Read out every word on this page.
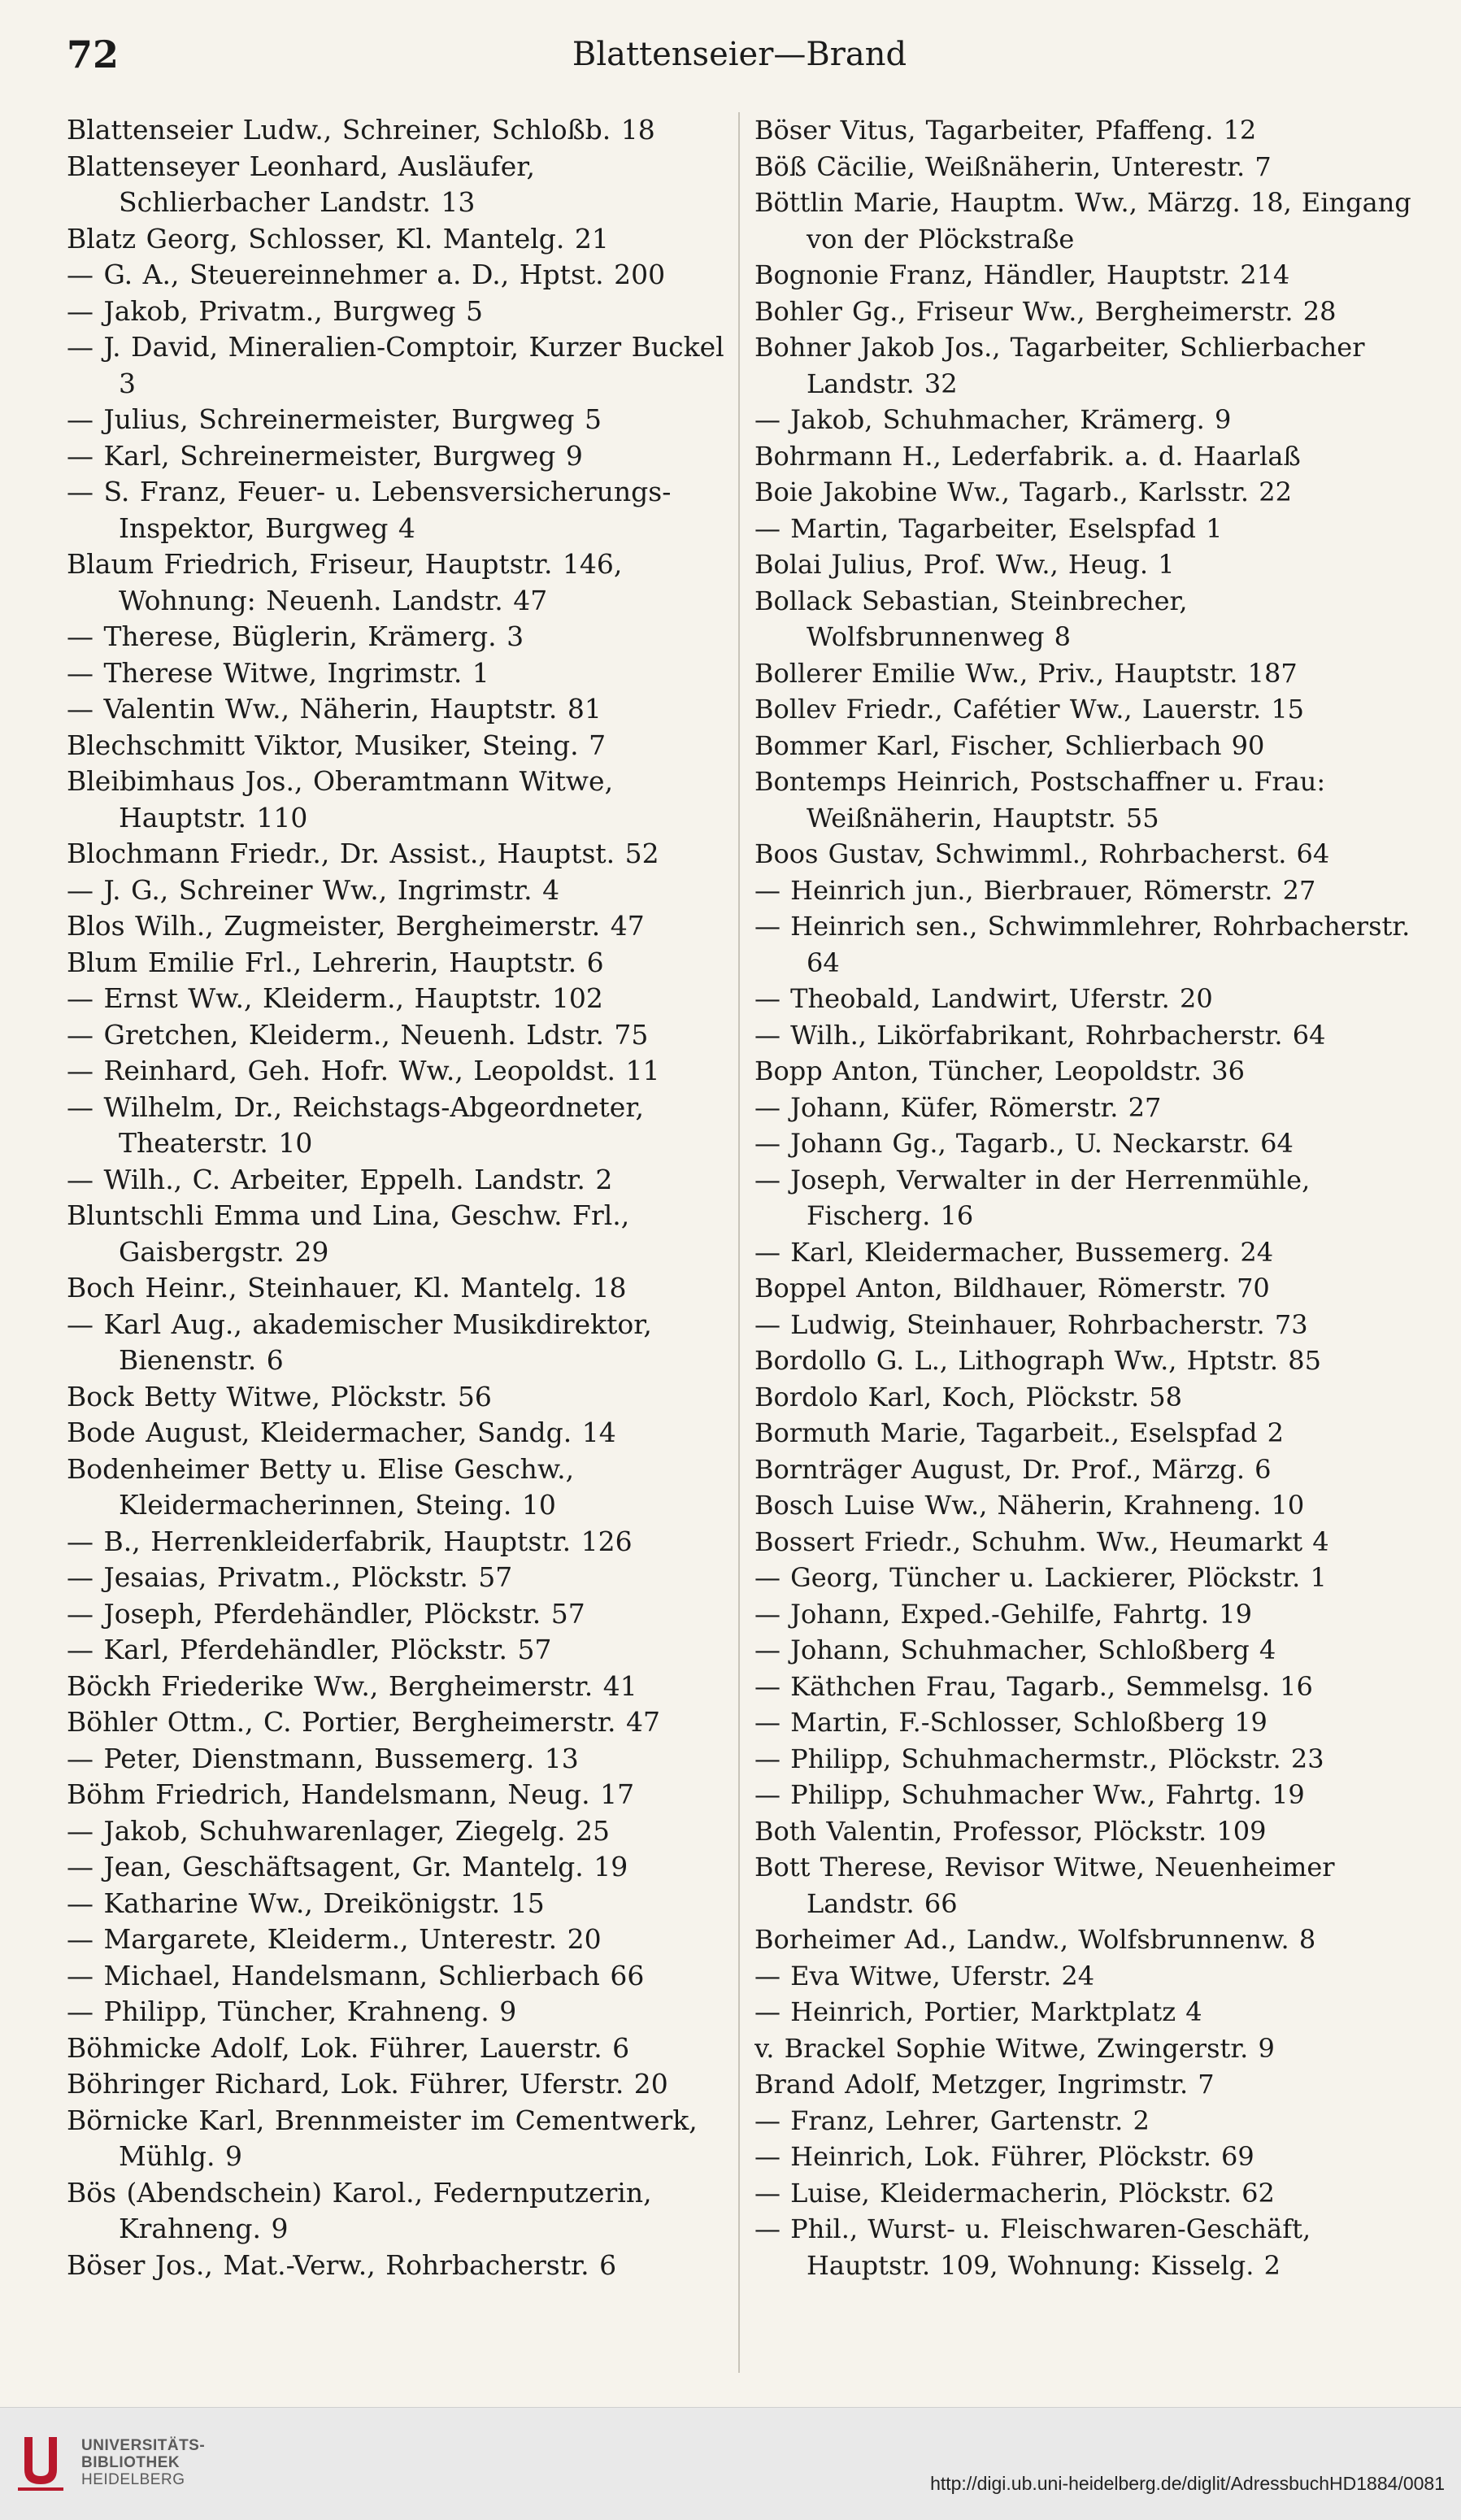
72	Blattenseier—Brand
Blattenseier Ludw., Schreiner, Schloßb. 18
Blattenseyer Leonhard, Ausläufer, Schlierbacher Landstr. 13
Blatz Georg, Schlosser, Kl. Mantelg. 21
— G. A., Steuereinnehmer a. D., Hptst. 200
— Jakob, Privatm., Burgweg 5
— J. David, Mineralien-Comptoir, Kurzer Buckel 3
— Julius, Schreinermeister, Burgweg 5
— Karl, Schreinermeister, Burgweg 9
— S. Franz, Feuer- u. Lebensversicherungs-Inspektor, Burgweg 4
Blaum Friedrich, Friseur, Hauptstr. 146, Wohnung: Neuenh. Landstr. 47
— Therese, Büglerin, Krämerg. 3
— Therese Witwe, Ingrimstr. 1
— Valentin Ww., Näherin, Hauptstr. 81
Blechschmitt Viktor, Musiker, Steing. 7
Bleibimhaus Jos., Oberamtmann Witwe, Hauptstr. 110
Blochmann Friedr., Dr. Assist., Hauptst. 52
— J. G., Schreiner Ww., Ingrimstr. 4
Blos Wilh., Zugmeister, Bergheimerstr. 47
Blum Emilie Frl., Lehrerin, Hauptstr. 6
— Ernst Ww., Kleiderm., Hauptstr. 102
— Gretchen, Kleiderm., Neuenh. Ldstr. 75
— Reinhard, Geh. Hofr. Ww., Leopoldst. 11
— Wilhelm, Dr., Reichstags-Abgeordneter, Theaterstr. 10
— Wilh., C. Arbeiter, Eppelh. Landstr. 2
Bluntschli Emma und Lina, Geschw. Frl., Gaisbergstr. 29
Boch Heinr., Steinhauer, Kl. Mantelg. 18
— Karl Aug., akademischer Musikdirektor, Bienenstr. 6
Bock Betty Witwe, Plöckstr. 56
Bode August, Kleidermacher, Sandg. 14
Bodenheimer Betty u. Elise Geschw., Kleidermacherinnen, Steing. 10
— B., Herrenkleiderfabrik, Hauptstr. 126
— Jesaias, Privatm., Plöckstr. 57
— Joseph, Pferdehändler, Plöckstr. 57
— Karl, Pferdehändler, Plöckstr. 57
Böckh Friederike Ww., Bergheimerstr. 41
Böhler Ottm., C. Portier, Bergheimerstr. 47
— Peter, Dienstmann, Bussemerg. 13
Böhm Friedrich, Handelsmann, Neug. 17
— Jakob, Schuhwarenlager, Ziegelg. 25
— Jean, Geschäftsagent, Gr. Mantelg. 19
— Katharine Ww., Dreikönigstr. 15
— Margarete, Kleiderm., Unterestr. 20
— Michael, Handelsmann, Schlierbach 66
— Philipp, Tüncher, Krahneng. 9
Böhmicke Adolf, Lok. Führer, Lauerstr. 6
Böhringer Richard, Lok. Führer, Uferstr. 20
Börnicke Karl, Brennmeister im Cementwerk, Mühlg. 9
Bös (Abendschein) Karol., Federnputzerin, Krahneng. 9
Böser Jos., Mat.-Verw., Rohrbacherstr. 6
Böser Vitus, Tagarbeiter, Pfaffeng. 12
Böß Cäcilie, Weißnäherin, Unterestr. 7
Böttlin Marie, Hauptm. Ww., Märzg. 18, Eingang von der Plöckstraße
Bognonie Franz, Händler, Hauptstr. 214
Bohler Gg., Friseur Ww., Bergheimerstr. 28
Bohner Jakob Jos., Tagarbeiter, Schlierbacher Landstr. 32
— Jakob, Schuhmacher, Krämerg. 9
Bohrmann H., Lederfabrik. a. d. Haarlaß
Boie Jakobine Ww., Tagarb., Karlsstr. 22
— Martin, Tagarbeiter, Eselspfad 1
Bolai Julius, Prof. Ww., Heug. 1
Bollack Sebastian, Steinbrecher, Wolfsbrunnenweg 8
Bollerer Emilie Ww., Priv., Hauptstr. 187
Bollev Friedr., Cafétier Ww., Lauerstr. 15
Bommer Karl, Fischer, Schlierbach 90
Bontemps Heinrich, Postschaffner u. Frau: Weißnäherin, Hauptstr. 55
Boos Gustav, Schwimml., Rohrbacherst. 64
— Heinrich jun., Bierbrauer, Römerstr. 27
— Heinrich sen., Schwimmlehrer, Rohrbacherstr. 64
— Theobald, Landwirt, Uferstr. 20
— Wilh., Likörfabrikant, Rohrbacherstr. 64
Bopp Anton, Tüncher, Leopoldstr. 36
— Johann, Küfer, Römerstr. 27
— Johann Gg., Tagarb., U. Neckarstr. 64
— Joseph, Verwalter in der Herrenmühle, Fischerg. 16
— Karl, Kleidermacher, Bussemerg. 24
Boppel Anton, Bildhauer, Römerstr. 70
— Ludwig, Steinhauer, Rohrbacherstr. 73
Bordollo G. L., Lithograph Ww., Hptstr. 85
Bordolo Karl, Koch, Plöckstr. 58
Bormuth Marie, Tagarbeit., Eselspfad 2
Bornträger August, Dr. Prof., Märzg. 6
Bosch Luise Ww., Näherin, Krahneng. 10
Bossert Friedr., Schuhm. Ww., Heumarkt 4
— Georg, Tüncher u. Lackierer, Plöckstr. 1
— Johann, Exped.-Gehilfe, Fahrtg. 19
— Johann, Schuhmacher, Schloßberg 4
— Käthchen Frau, Tagarb., Semmelsg. 16
— Martin, F.-Schlosser, Schloßberg 19
— Philipp, Schuhmachermstr., Plöckstr. 23
— Philipp, Schuhmacher Ww., Fahrtg. 19
Both Valentin, Professor, Plöckstr. 109
Bott Therese, Revisor Witwe, Neuenheimer Landstr. 66
Borheimer Ad., Landw., Wolfsbrunnenw. 8
— Eva Witwe, Uferstr. 24
— Heinrich, Portier, Marktplatz 4
v. Brackel Sophie Witwe, Zwingerstr. 9
Brand Adolf, Metzger, Ingrimstr. 7
— Franz, Lehrer, Gartenstr. 2
— Heinrich, Lok. Führer, Plöckstr. 69
— Luise, Kleidermacherin, Plöckstr. 62
— Phil., Wurst- u. Fleischwaren-Geschäft, Hauptstr. 109, Wohnung: Kisselg. 2
UNIVERSITÄTS-
BIBLIOTHEK
HEIDELBERG	http://digi.ub.uni-heidelberg.de/diglit/AdressbuchHD1884/0081
